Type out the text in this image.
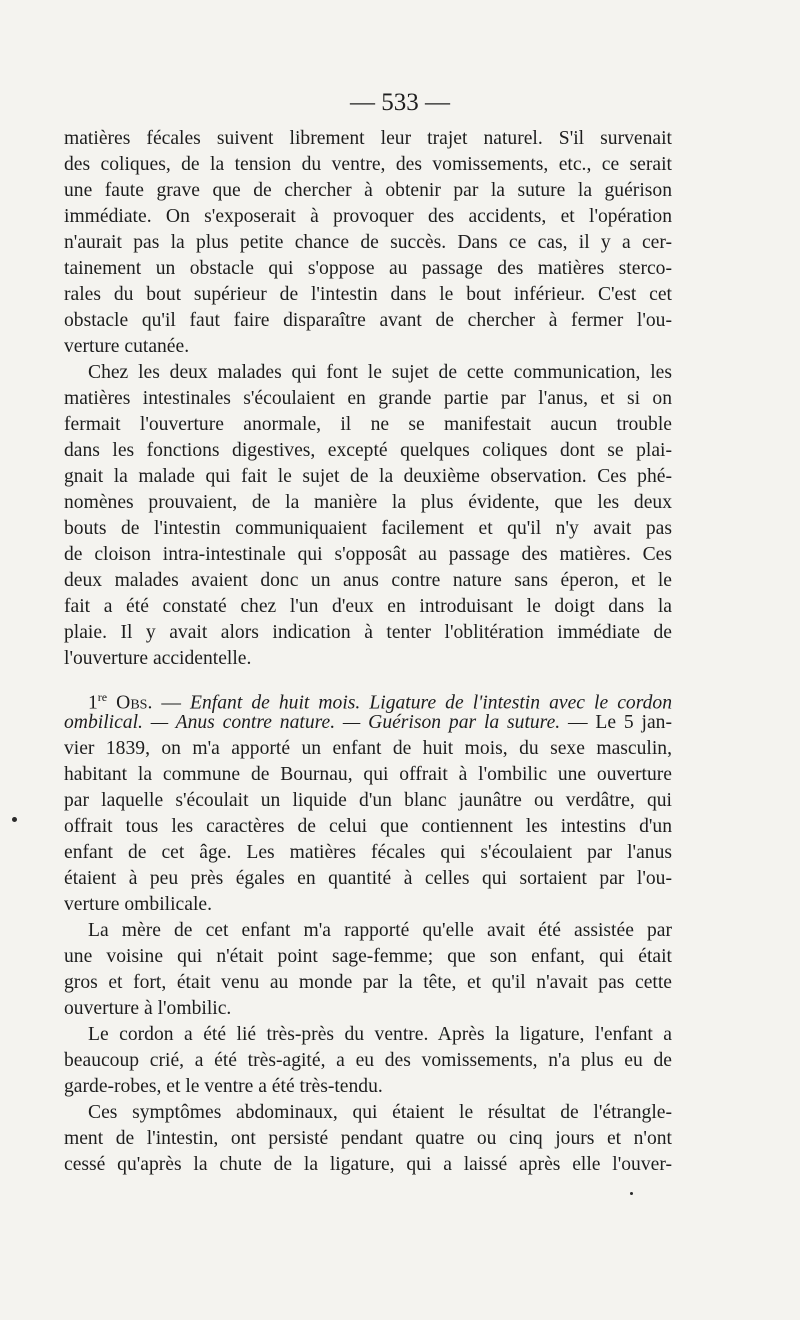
— 533 —
matières fécales suivent librement leur trajet naturel. S'il survenait
des coliques, de la tension du ventre, des vomissements, etc., ce serait
une faute grave que de chercher à obtenir par la suture la guérison
immédiate. On s'exposerait à provoquer des accidents, et l'opération
n'aurait pas la plus petite chance de succès. Dans ce cas, il y a cer-
tainement un obstacle qui s'oppose au passage des matières sterco-
rales du bout supérieur de l'intestin dans le bout inférieur. C'est cet
obstacle qu'il faut faire disparaître avant de chercher à fermer l'ou-
verture cutanée.
Chez les deux malades qui font le sujet de cette communication, les
matières intestinales s'écoulaient en grande partie par l'anus, et si on
fermait l'ouverture anormale, il ne se manifestait aucun trouble
dans les fonctions digestives, excepté quelques coliques dont se plai-
gnait la malade qui fait le sujet de la deuxième observation. Ces phé-
nomènes prouvaient, de la manière la plus évidente, que les deux
bouts de l'intestin communiquaient facilement et qu'il n'y avait pas
de cloison intra-intestinale qui s'opposât au passage des matières. Ces
deux malades avaient donc un anus contre nature sans éperon, et le
fait a été constaté chez l'un d'eux en introduisant le doigt dans la
plaie. Il y avait alors indication à tenter l'oblitération immédiate de
l'ouverture accidentelle.
1re Obs. — Enfant de huit mois. Ligature de l'intestin avec le cordon
ombilical. — Anus contre nature. — Guérison par la suture. — Le 5 jan-
vier 1839, on m'a apporté un enfant de huit mois, du sexe masculin,
habitant la commune de Bournau, qui offrait à l'ombilic une ouverture
par laquelle s'écoulait un liquide d'un blanc jaunâtre ou verdâtre, qui
offrait tous les caractères de celui que contiennent les intestins d'un
enfant de cet âge. Les matières fécales qui s'écoulaient par l'anus
étaient à peu près égales en quantité à celles qui sortaient par l'ou-
verture ombilicale.
La mère de cet enfant m'a rapporté qu'elle avait été assistée par
une voisine qui n'était point sage-femme; que son enfant, qui était
gros et fort, était venu au monde par la tête, et qu'il n'avait pas cette
ouverture à l'ombilic.
Le cordon a été lié très-près du ventre. Après la ligature, l'enfant a
beaucoup crié, a été très-agité, a eu des vomissements, n'a plus eu de
garde-robes, et le ventre a été très-tendu.
Ces symptômes abdominaux, qui étaient le résultat de l'étrangle-
ment de l'intestin, ont persisté pendant quatre ou cinq jours et n'ont
cessé qu'après la chute de la ligature, qui a laissé après elle l'ouver-
